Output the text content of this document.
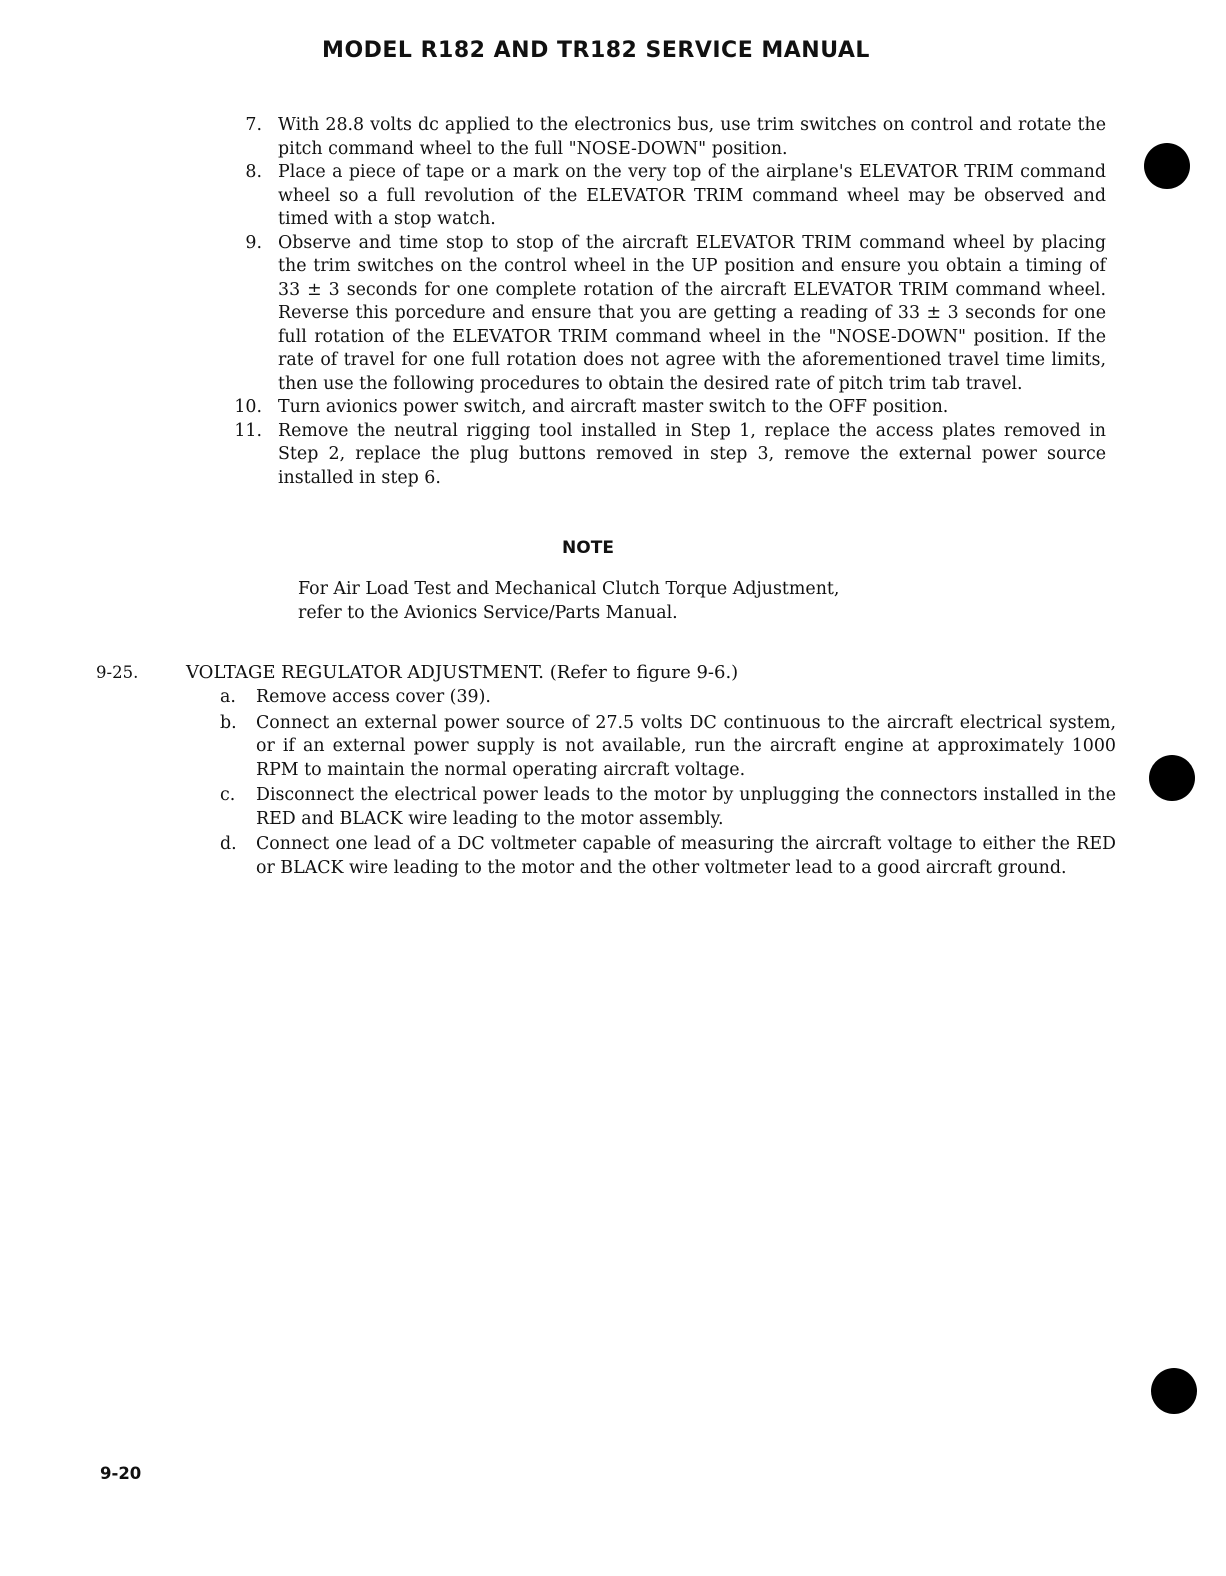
MODEL R182 AND TR182 SERVICE MANUAL
7. With 28.8 volts dc applied to the electronics bus, use trim switches on control and rotate the pitch command wheel to the full "NOSE-DOWN" position.
8. Place a piece of tape or a mark on the very top of the airplane's ELEVATOR TRIM command wheel so a full revolution of the ELEVATOR TRIM command wheel may be observed and timed with a stop watch.
9. Observe and time stop to stop of the aircraft ELEVATOR TRIM command wheel by placing the trim switches on the control wheel in the UP position and ensure you obtain a timing of 33 ± 3 seconds for one complete rotation of the aircraft ELEVATOR TRIM command wheel. Reverse this porcedure and ensure that you are getting a reading of 33 ± 3 seconds for one full rotation of the ELEVATOR TRIM command wheel in the "NOSE-DOWN" position. If the rate of travel for one full rotation does not agree with the aforementioned travel time limits, then use the following procedures to obtain the desired rate of pitch trim tab travel.
10. Turn avionics power switch, and aircraft master switch to the OFF position.
11. Remove the neutral rigging tool installed in Step 1, replace the access plates removed in Step 2, replace the plug buttons removed in step 3, remove the external power source installed in step 6.
NOTE
For Air Load Test and Mechanical Clutch Torque Adjustment, refer to the Avionics Service/Parts Manual.
9-25.	VOLTAGE REGULATOR ADJUSTMENT. (Refer to figure 9-6.)
a. Remove access cover (39).
b. Connect an external power source of 27.5 volts DC continuous to the aircraft electrical system, or if an external power supply is not available, run the aircraft engine at approximately 1000 RPM to maintain the normal operating aircraft voltage.
c. Disconnect the electrical power leads to the motor by unplugging the connectors installed in the RED and BLACK wire leading to the motor assembly.
d. Connect one lead of a DC voltmeter capable of measuring the aircraft voltage to either the RED or BLACK wire leading to the motor and the other voltmeter lead to a good aircraft ground.
9-20
